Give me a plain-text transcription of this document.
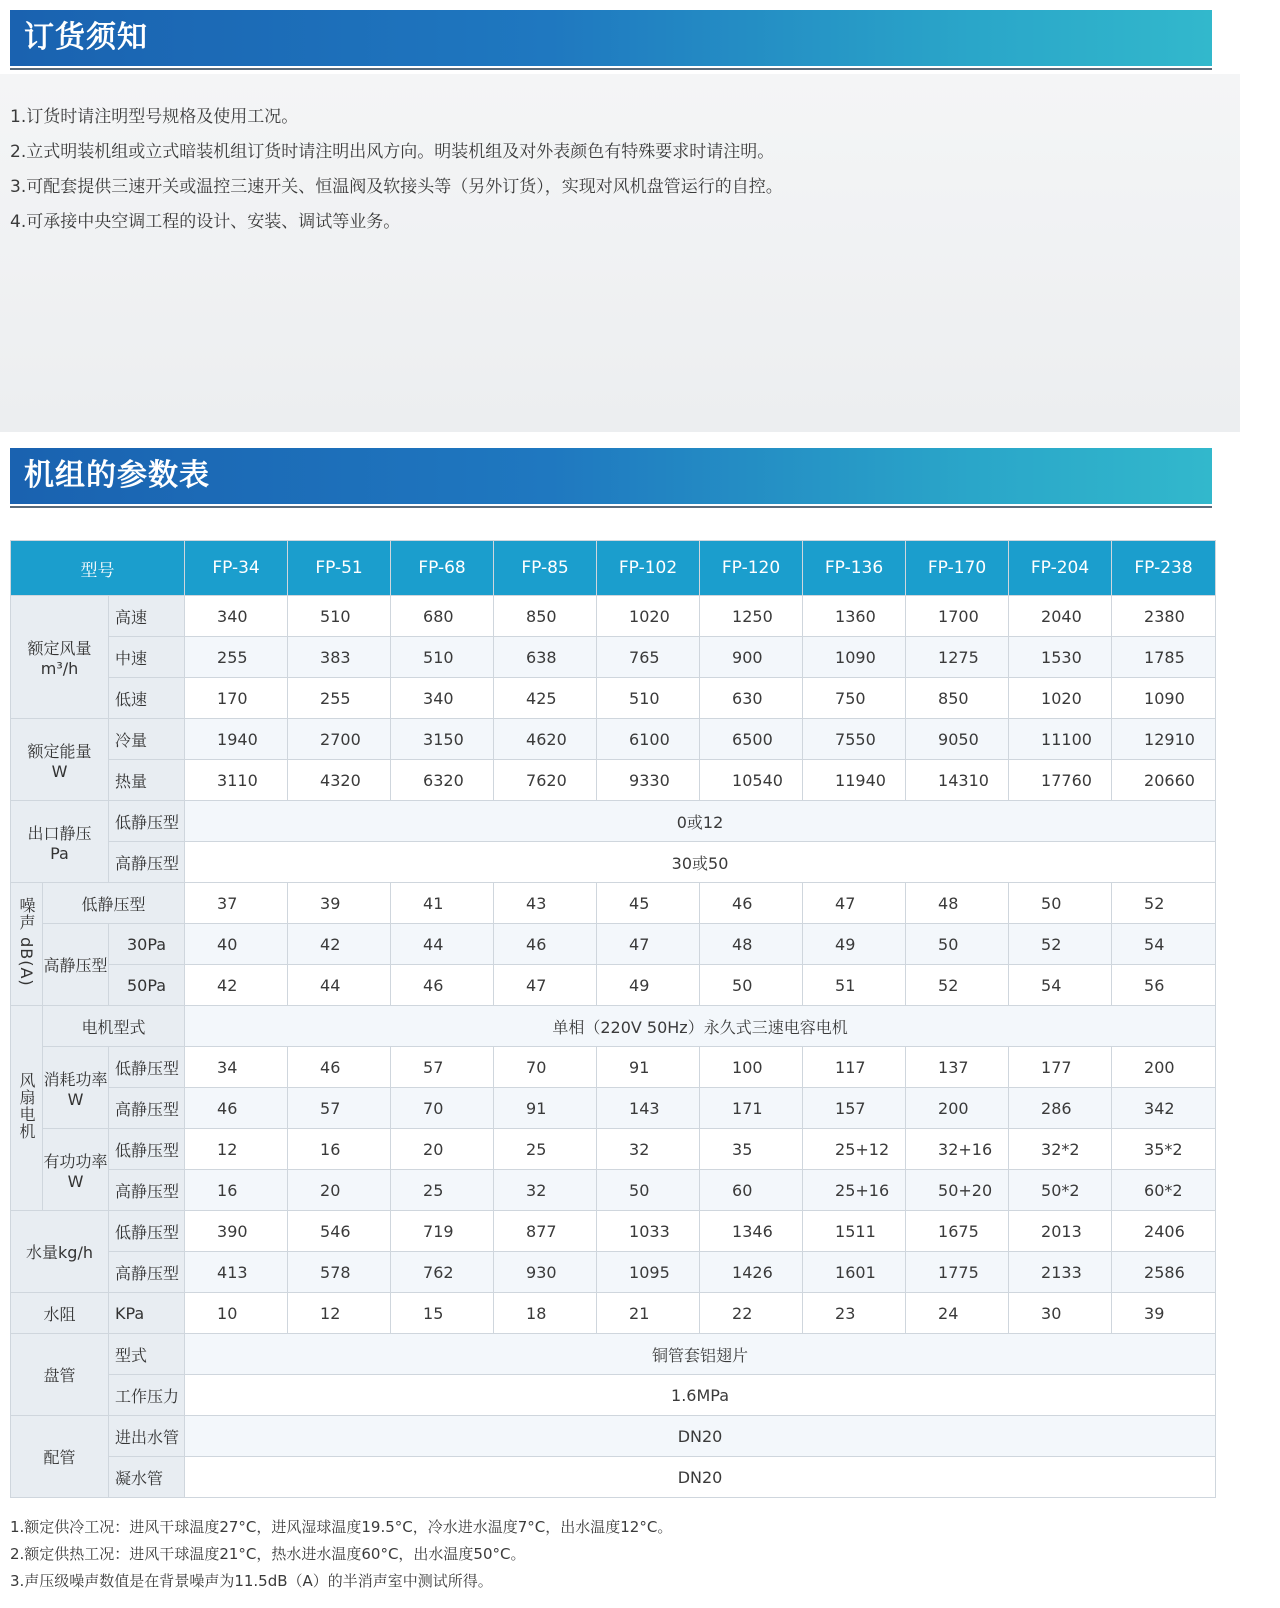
订货须知
1.订货时请注明型号规格及使用工况。
2.立式明装机组或立式暗装机组订货时请注明出风方向。明装机组及对外表颜色有特殊要求时请注明。
3.可配套提供三速开关或温控三速开关、恒温阀及软接头等（另外订货），实现对风机盘管运行的自控。
4.可承接中央空调工程的设计、安装、调试等业务。
机组的参数表
型号			FP-34	FP-51	FP-68	FP-85	FP-102	FP-120	FP-136	FP-170	FP-204	FP-238

额定风量
m³/h		高速	340	510	680	850	1020	1250	1360	1700	2040	2380
		中速	255	383	510	638	765	900	1090	1275	1530	1785
		低速	170	255	340	425	510	630	750	850	1020	1090

额定能量
W		冷量	1940	2700	3150	4620	6100	6500	7550	9050	11100	12910
		热量	3110	4320	6320	7620	9330	10540	11940	14310	17760	20660

出口静压
Pa		低静压型	0或12									
		高静压型	30或50									
噪声 dB(A)	低静压型		37	39	41	43	45	46	47	48	50	52
	高静压型	30Pa	40	42	44	46	47	48	49	50	52	54
		50Pa	42	44	46	47	49	50	51	52	54	56
风扇电机	电机型式		单相（220V 50Hz）永久式三速电容电机									

	消耗功率
W	低静压型	34	46	57	70	91	100	117	137	177	200
		高静压型	46	57	70	91	143	171	157	200	286	342

	有功功率
W	低静压型	12	16	20	25	32	35	25+12	32+16	32*2	35*2
		高静压型	16	20	25	32	50	60	25+16	50+20	50*2	60*2
水量kg/h		低静压型	390	546	719	877	1033	1346	1511	1675	2013	2406
		高静压型	413	578	762	930	1095	1426	1601	1775	2133	2586
水阻		KPa	10	12	15	18	21	22	23	24	30	39
盘管		型式	铜管套铝翅片									
		工作压力	1.6MPa									
配管		进出水管	DN20									
		凝水管	DN20									
1.额定供冷工况：进风干球温度27°C，进风湿球温度19.5°C，冷水进水温度7°C，出水温度12°C。
2.额定供热工况：进风干球温度21°C，热水进水温度60°C，出水温度50°C。
3.声压级噪声数值是在背景噪声为11.5dB（A）的半消声室中测试所得。
